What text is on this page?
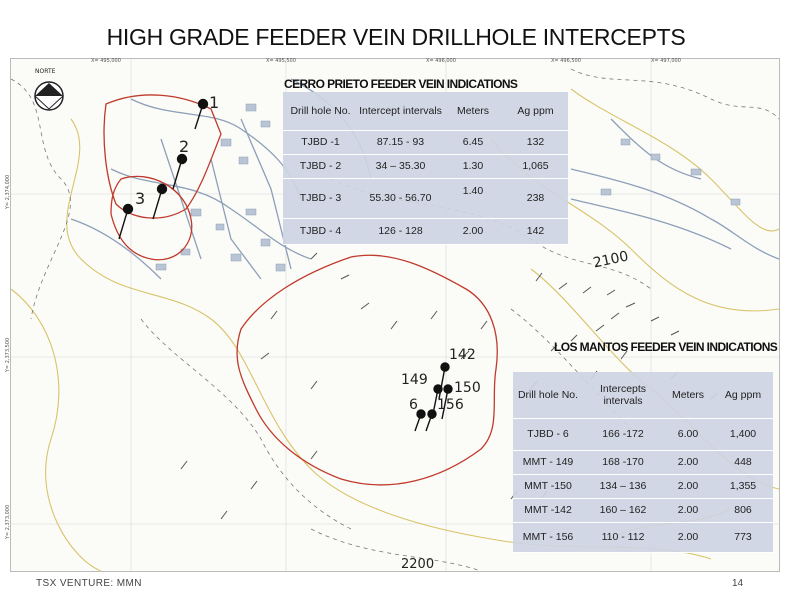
HIGH GRADE FEEDER VEIN DRILLHOLE INTERCEPTS
X= 495,000	X= 495,500	X= 496,000	X= 496,500	X= 497,000
Y= 2,374,000
Y= 2,373,500
Y= 2,373,000
NORTE
1
2
3
142
149 150
6 156
2100
2200
CERRO PRIETO FEEDER VEIN INDICATIONS
Drill hole No.	Intercept intervals	Meters	Ag ppm
TJBD -1	87.15 - 93	6.45	132
TJBD - 2	34 – 35.30	1.30	1,065
TJBD - 3	55.30 - 56.70	1.40	238
TJBD - 4	126 - 128	2.00	142
LOS MANTOS FEEDER VEIN INDICATIONS
Drill hole No.	Intercepts intervals	Meters	Ag ppm
TJBD - 6	166 -172	6.00	1,400
MMT - 149	168 -170	2.00	448
MMT -150	134 – 136	2.00	1,355
MMT -142	160 – 162	2.00	806
MMT - 156	110 - 112	2.00	773
TSX VENTURE: MMN	14
